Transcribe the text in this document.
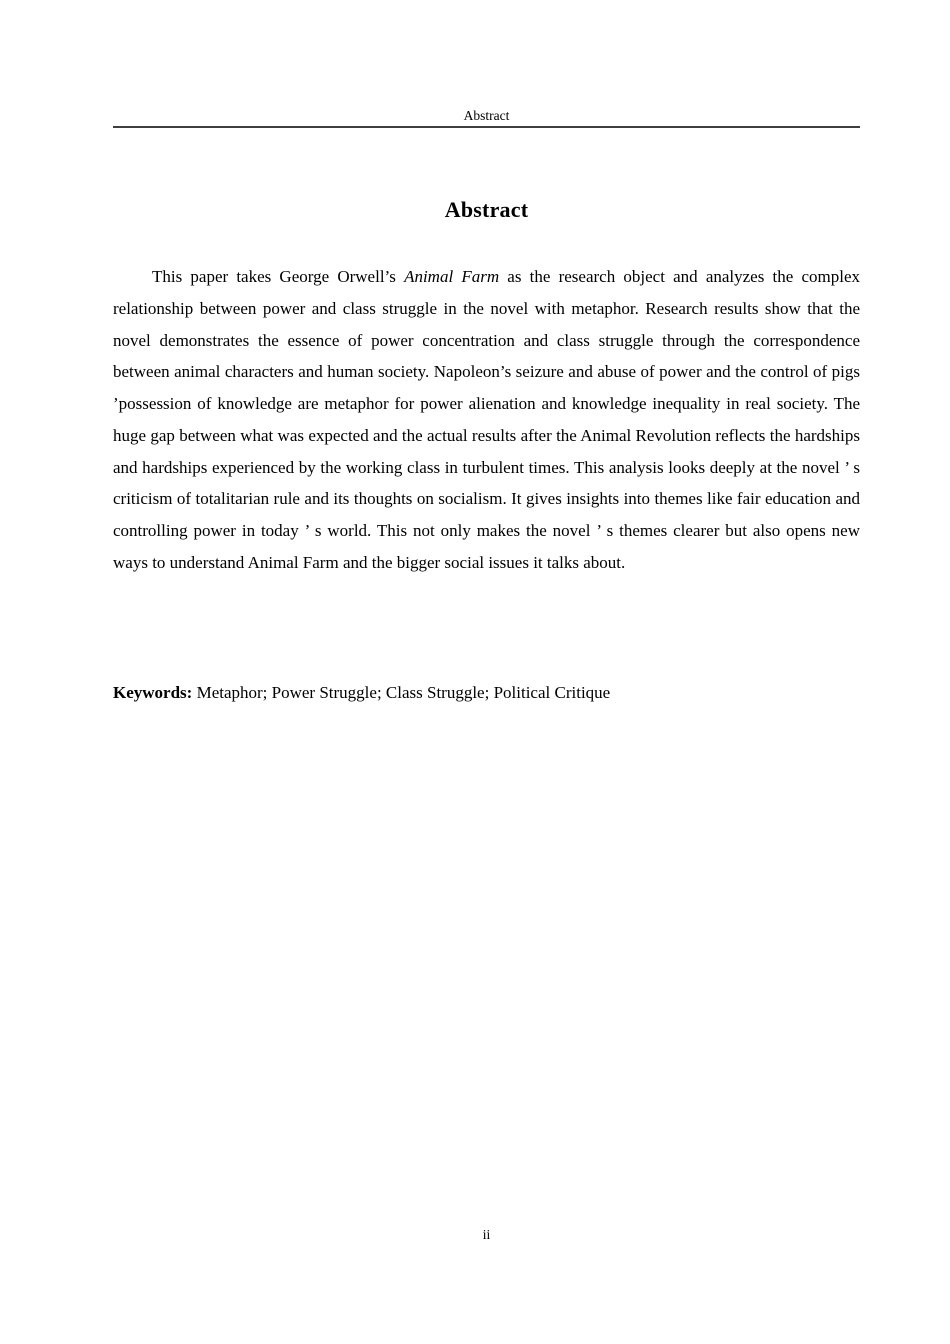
Abstract
Abstract

This paper takes George Orwell’s Animal Farm as the research object and analyzes the complex relationship between power and class struggle in the novel with metaphor. Research results show that the novel demonstrates the essence of power concentration and class struggle through the correspondence between animal characters and human society. Napoleon’s seizure and abuse of power and the control of pigs ’possession of knowledge are metaphor for power alienation and knowledge inequality in real society. The huge gap between what was expected and the actual results after the Animal Revolution reflects the hardships and hardships experienced by the working class in turbulent times. This analysis looks deeply at the novel ’ s criticism of totalitarian rule and its thoughts on socialism. It gives insights into themes like fair education and controlling power in today ’ s world. This not only makes the novel ’ s themes clearer but also opens new ways to understand Animal Farm and the bigger social issues it talks about.

Keywords: Metaphor; Power Struggle; Class Struggle; Political Critique

ii
